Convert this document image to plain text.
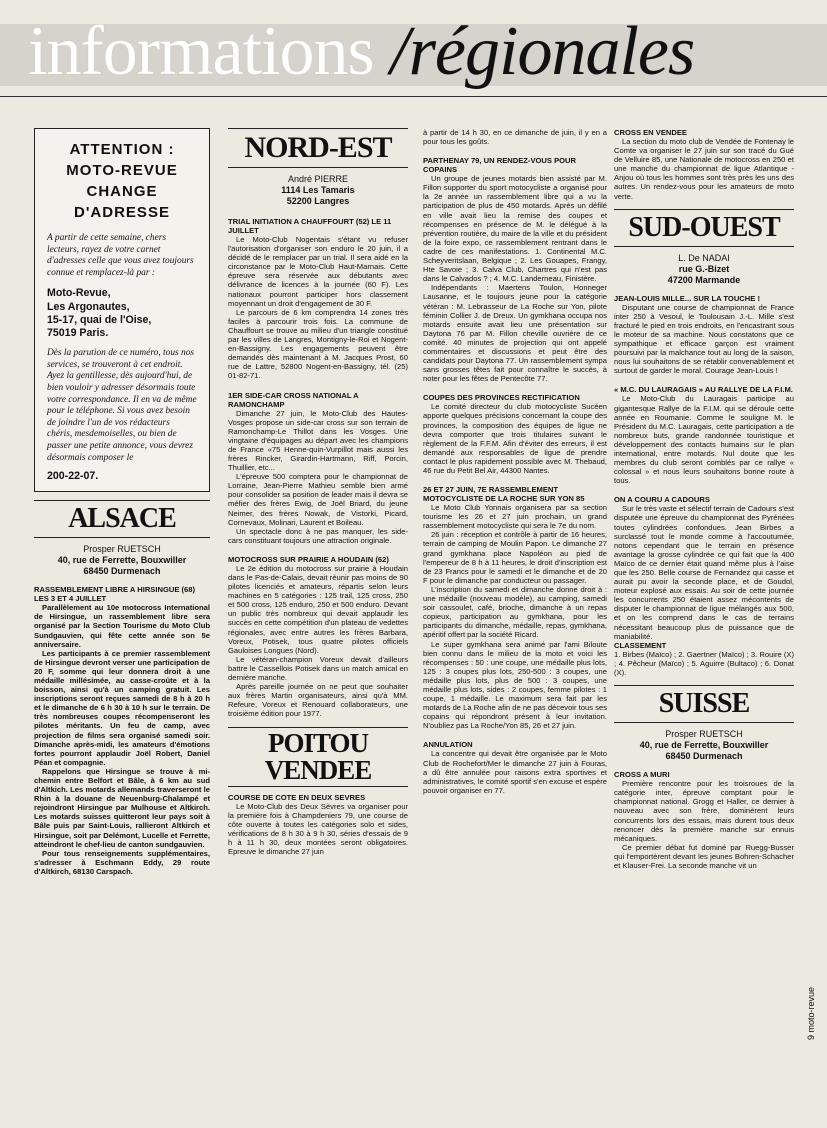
informations /régionales
ATTENTION :
MOTO-REVUE
CHANGE
D'ADRESSE
A partir de cette semaine, chers lecteurs, rayez de votre carnet d'adresses celle que vous avez toujours connue et remplacez-là par :
Moto-Revue,
Les Argonautes,
15-17, quai de l'Oise,
75019 Paris.
Dès la parution de ce numéro, tous nos services, se trouveront à cet endroit. Ayez la gentillesse, dès aujourd'hui, de bien vouloir y adresser désormais toute votre correspondance. Il en va de même pour le téléphone. Si vous avez besoin de joindre l'un de vos rédacteurs chéris, mesdemoiselles, ou bien de passer une petite annonce, vous devrez désormais composer le
200-22-07.
ALSACE
Prosper RUETSCH
40, rue de Ferrette, Bouxwiller
68450 Durmenach
RASSEMBLEMENT LIBRE A HIRSINGUE (68) LES 3 ET 4 JUILLET

Parallèlement au 10e motocross International de Hirsingue, un rassemblement libre sera organisé par la Section Tourisme du Moto Club Sundgauvien, qui fête cette année son 5e anniversaire.

Les participants à ce premier rassemblement de Hirsingue devront verser une participation de 20 F, somme qui leur donnera droit à une médaille millésimée, au casse-croûte et à la boisson, ainsi qu'à un camping gratuit. Les inscriptions seront reçues samedi de 8 h à 20 h et le dimanche de 6 h 30 à 10 h sur le terrain. De très nombreuses coupes récompenseront les pilotes méritants. Un feu de camp, avec projection de films sera organisé samedi soir. Dimanche après-midi, les amateurs d'émotions fortes pourront applaudir Joël Robert, Daniel Péan et compagnie.

Rappelons que Hirsingue se trouve à mi-chemin entre Belfort et Bâle, à 6 km au sud d'Altkich. Les motards allemands traverseront le Rhin à la douane de Neuenburg-Chalampé et rejoindront Hirsingue par Mulhouse et Altkirch. Les motards suisses quitteront leur pays soit à Bâle puis par Saint-Louis, rallieront Altkirch et Hirsingue, soit par Delémont, Lucelle et Ferrette, atteindront le chef-lieu de canton sundgauvien.

Pour tous renseignements supplémentaires, s'adresser à Eschmann Eddy, 29 route d'Altkirch, 68130 Carspach.

NORD-EST
André PIERRE
1114 Les Tamaris
52200 Langres
TRIAL INITIATION A CHAUFFOURT (52) LE 11 JUILLET

Le Moto-Club Nogentais s'étant vu refuser l'autorisation d'organiser son enduro le 20 juin, il a décidé de le remplacer par un trial. Il sera aidé en la circonstance par le Moto-Club Haut-Marnais. Cette épreuve sera réservée aux débutants avec délivrance de licences à la journée (60 F). Les nationaux pourront participer hors classement moyennant un droit d'engagement de 30 F.

Le parcours de 6 km comprendra 14 zones très faciles à parcourir trois fois. La commune de Chauffourt se trouve au milieu d'un triangle constitué par les villes de Langres, Montigny-le-Roi et Nogent-en-Bassigny. Les engagements peuvent être demandés dès maintenant à M. Jacques Prost, 60 rue de Lattre, 52800 Nogent-en-Bassigny, tél. (25) 01-82-71.

1ER SIDE-CAR CROSS NATIONAL A RAMONCHAMP

Dimanche 27 juin, le Moto-Club des Hautes-Vosges propose un side-car cross sur son terrain de Ramonchamp-Le Thillot dans les Vosges. Une vingtaine d'équipages au départ avec les champions de France «75 Henne-quin-Vurpillot mais aussi les frères Rincker, Girardin-Hartmann, Riff, Porcin, Thuillier, etc...

L'épreuve 500 comptera pour le championnat de Lorraine, Jean-Pierre Mathieu semble bien armé pour consolider sa position de leader mais il devra se méfier des frères Ewig, de Joël Briard, du jeune Neimer, des frères Nowak, de Vistorki, Picard, Cornevaux, Molinari, Laurent et Boileau.

Un spectacle donc à ne pas manquer, les side-cars constituant toujours une attraction originale.

MOTOCROSS SUR PRAIRIE A HOUDAIN (62)

Le 2e édition du motocross sur prairie à Houdain dans le Pas-de-Calais, devait réunir pas moins de 90 pilotes licenciés et amateurs, répartis selon leurs machines en 5 catégories : 125 trail, 125 cross, 250 et 500 cross, 125 enduro, 250 et 500 enduro. Devant un public très nombreux qui devait applaudir les succès en cette compétition d'un plateau de vedettes régionales, avec entre autres les frères Barbara, Voreux, Potisek, tous quatre pilotes officiels Gauloises Longues (Nord).

Le vétéran-champion Voreux devait d'ailleurs battre le Cassellois Potisek dans un match amical en dernière manche.

Après pareille journée on ne peut que souhaiter aux frères Martin organisateurs, ainsi qu'à MM. Refeure, Voreux et Renouard collaborateurs, une troisième édition pour 1977.

POITOU
VENDEE
COURSE DE COTE EN DEUX SEVRES

Le Moto-Club des Deux Sèvres va organiser pour la première fois à Champdeniers 79, une course de côte ouverte à toutes les catégories solo et sides, vérifications de 8 h 30 à 9 h 30, séries d'essais de 9 h à 11 h 30, deux montées seront obligatoires. Epreuve le dimanche 27 juin

à partir de 14 h 30, en ce dimanche de juin, il y en a pour tous les goûts.

PARTHENAY 79, UN RENDEZ-VOUS POUR COPAINS

Un groupe de jeunes motards bien assisté par M. Fillon supporter du sport motocycliste a organisé pour la 2e année un rassemblement libre qui a vu la participation de plus de 450 motards. Après un défilé en ville avait lieu la remise des coupes et récompenses en présence de M. le délégué à la prévention routière, du maire de la ville et du président de la foire expo, ce rassemblement rentrant dans le cadre de ces manifestations. 1. Continental M.C. Scheyveritslaan, Belgique ; 2. Les Gouapes, Frangy, Hte Savoie ; 3. Calva Club, Chartres qui n'est pas dans le Calvados ? ; 4. M.C. Landerneau, Finistère.

Indépendants : Maertens Toulon, Honneger Lausanne, et le toujours jeune pour la catégorie vétéran : M. Lebrasseur de La Roche sur Yon, pilote féminin Collier J. de Dreux. Un gymkhana occupa nos motards ensuite avait lieu une présentation sur Daytona 76 par M. Fillon cheville ouvrière de ce comité. 40 minutes de projection qui ont appelé commentaires et discussions et peut être des candidats pour Daytona 77. Un rassemblement sympa sans grosses têtes fait pour connaître le succès, à noter pour les fêtes de Pentecôte 77.

COUPES DES PROVINCES RECTIFICATION

Le comité directeur du club motocycliste Sucéen apporte quelques précisions concernant la coupe des provinces, la composition des équipes de ligue ne devra comporter que trois titulaires suivant le règlement de la F.F.M. Afin d'éviter des erreurs, il est demandé aux responsables de ligue de prendre contact le plus rapidement possible avec M. Thebaud, 46 rue du Petit Bel Air, 44300 Nantes.

26 ET 27 JUIN, 7E RASSEMBLEMENT MOTOCYCLISTE DE LA ROCHE SUR YON 85

Le Moto Club Yonnais organisera par sa section tourisme les 26 et 27 juin prochain, un grand rassemblement motocycliste qui sera le 7e du nom.

26 juin : réception et contrôle à partir de 16 heures, terrain de camping de Moulin Papon. Le dimanche 27 grand gymkhana place Napoléon au pied de l'empereur de 8 h à 11 heures, le droit d'inscription est de 23 Francs pour le samedi et le dimanche et de 20 F pour le dimanche par conducteur ou passager.

L'inscription du samedi et dimanche donne droit à : une médaille (nouveau modèle), au camping, samedi soir cassoulet, café, brioche, dimanche à un repas copieux, participation au gymkhana, pour les participants du dimanche, médaille, repas, gymkhana, apéritif offert par la société Ricard.

Le super gymkhana sera animé par l'ami Biloute bien connu dans le milieu de la moto et voici les récompenses : 50 : une coupe, une médaille plus lots, 125 : 3 coupes plus lots, 250-500 : 3 coupes, une médaille plus lots, plus de 500 : 3 coupes, une médaille plus lots, sides : 2 coupes, femme pilotes : 1 coupe, 1 médaille. Le maximum sera fait par les motards de La Roche afin de ne pas décevoir tous ses copains qui répondront présent à leur invitation. N'oubliez pas La Roche/Yon 85, 26 et 27 juin.

ANNULATION

La concentre qui devait être organisée par le Moto Club de Rochefort/Mer le dimanche 27 juin à Fouras, a dû être annulée pour raisons extra sportives et administratives, le comité sportif s'en excuse et espère pouvoir organiser en 77.

CROSS EN VENDEE

La section du moto club de Vendée de Fontenay le Comte va organiser le 27 juin sur son tracé du Gué de Velluire 85, une Nationale de motocross en 250 et une manche du championnat de ligue Atlantique - Anjou où tous les hommes sont très près les uns des autres. Un rendez-vous pour les amateurs de moto verte.

SUD-OUEST
L. De NADAI
rue G.-Bizet
47200 Marmande
JEAN-LOUIS MILLE... SUR LA TOUCHE !

Disputant une course de championnat de France inter 250 à Vesoul, le Toulousain J.-L. Mille s'est fracturé le pied en trois endroits, en l'encastrant sous le moteur de sa machine. Nous constatons que ce sympathique et efficace garçon est vraiment poursuivi par la malchance tout au long de la saison, nous lui souhaitons de se rétablir convenablement et surtout de garder le moral. Courage Jean-Louis !

« M.C. DU LAURAGAIS » AU RALLYE DE LA F.I.M.

Le Moto-Club du Lauragais participe au gigantesque Rallye de la F.I.M. qui se déroule cette année en Roumanie. Comme le souligne M. le Président du M.C. Lauragais, cette participation a de nombreux buts, grande randonnée touristique et développement des contacts humains sur le plan international, entre motards. Nul doute que les membres du club seront comblés par ce rallye « colossal » et nous leurs souhaitons bonne route à tous.

ON A COURU A CADOURS

Sur le très vaste et sélectif terrain de Cadours s'est disputée une épreuve du championnat des Pyrénées toutes cylindrées confondues. Jean Birbes a surclassé tout le monde comme à l'accoutumée, notons cependant que le terrain en présence avantage la grosse cylindrée ce qui fait que la 400 Maïco de ce dernier était quand même plus à l'aise que les 250. Belle course de Fernandez qui casse et aurait pu avoir la seconde place, et de Goudol, moteur explosé aux essais. Au soir de cette journée les concurrents 250 étaient assez mécontents de disputer le championnat de ligue mélangés aux 500, et on les comprend dans le cas de terrains nécessitant beaucoup plus de puissance que de maniabilité.

CLASSEMENT

1. Birbes (Maïco) ; 2. Gaertner (Maïco) ; 3. Rouire (X) ; 4. Pêcheur (Maïco) ; 5. Aguirre (Bultaco) ; 6. Donat (X).

SUISSE
Prosper RUETSCH
40, rue de Ferrette, Bouxwiller
68450 Durmenach
CROSS A MURI

Première rencontre pour les troisroues de la catégorie inter, épreuve comptant pour le championnat national. Grogg et Haller, ce dernier à nouveau avec son frère, dominèrent leurs concurrents lors des essais, mais durent tous deux renoncer dès la première manche sur ennuis mécaniques.

Ce premier débat fut dominé par Ruegg-Busser qui l'emportèrent devant les jeunes Bohren-Schacher et Klauser-Frei. La seconde manche vit un

9 moto-revue
